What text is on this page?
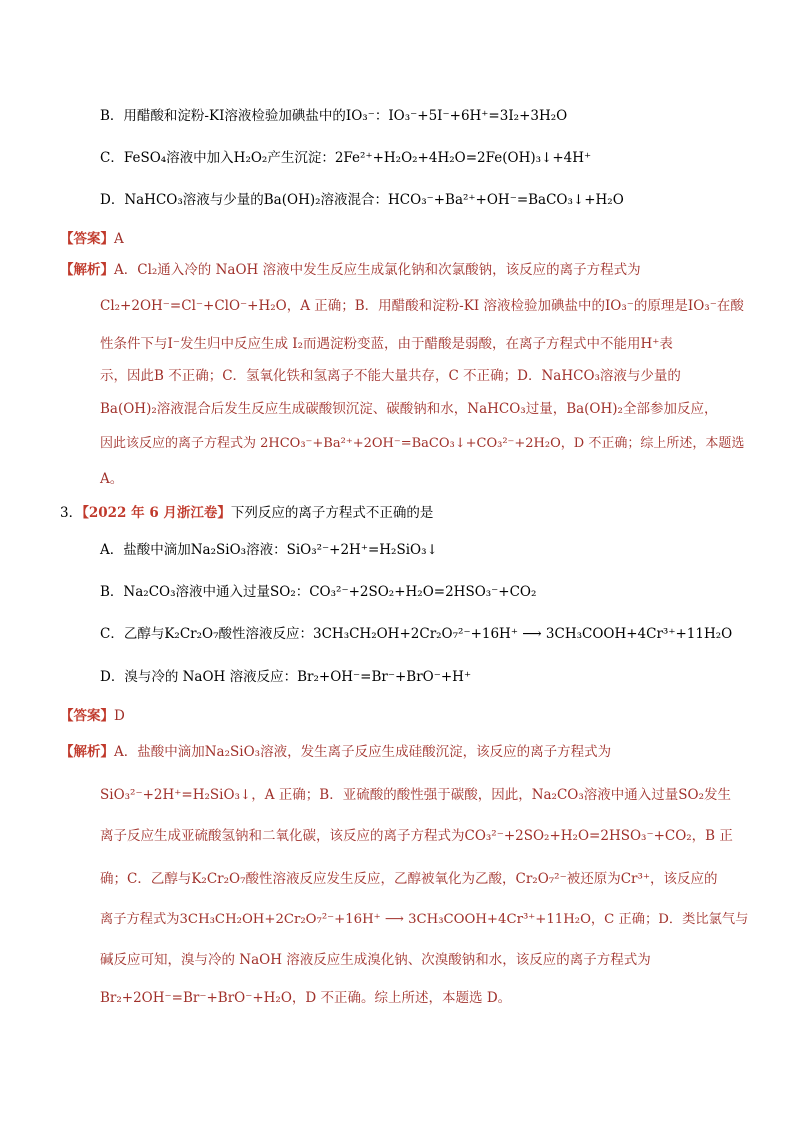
B．用醋酸和淀粉-KI溶液检验加碘盐中的IO₃⁻：IO₃⁻+5I⁻+6H⁺=3I₂+3H₂O
C．FeSO₄溶液中加入H₂O₂产生沉淀：2Fe²⁺+H₂O₂+4H₂O=2Fe(OH)₃↓+4H⁺
D．NaHCO₃溶液与少量的Ba(OH)₂溶液混合：HCO₃⁻+Ba²⁺+OH⁻=BaCO₃↓+H₂O
【答案】A
【解析】A．Cl₂通入冷的 NaOH 溶液中发生反应生成氯化钠和次氯酸钠，该反应的离子方程式为
Cl₂+2OH⁻=Cl⁻+ClO⁻+H₂O，A 正确；B．用醋酸和淀粉-KI 溶液检验加碘盐中的IO₃⁻的原理是IO₃⁻在酸
性条件下与I⁻发生归中反应生成 I₂而遇淀粉变蓝，由于醋酸是弱酸，在离子方程式中不能用H⁺表
示，因此B 不正确；C．氢氧化铁和氢离子不能大量共存，C 不正确；D．NaHCO₃溶液与少量的
Ba(OH)₂溶液混合后发生反应生成碳酸钡沉淀、碳酸钠和水，NaHCO₃过量，Ba(OH)₂全部参加反应，
因此该反应的离子方程式为 2HCO₃⁻+Ba²⁺+2OH⁻=BaCO₃↓+CO₃²⁻+2H₂O，D 不正确；综上所述，本题选
A。
3．【2022 年 6 月浙江卷】下列反应的离子方程式不正确的是
A．盐酸中滴加Na₂SiO₃溶液：SiO₃²⁻+2H⁺=H₂SiO₃↓
B．Na₂CO₃溶液中通入过量SO₂：CO₃²⁻+2SO₂+H₂O=2HSO₃⁻+CO₂
C．乙醇与K₂Cr₂O₇酸性溶液反应：3CH₃CH₂OH+2Cr₂O₇²⁻+16H⁺ ⟶ 3CH₃COOH+4Cr³⁺+11H₂O
D．溴与冷的 NaOH 溶液反应：Br₂+OH⁻=Br⁻+BrO⁻+H⁺
【答案】D
【解析】A．盐酸中滴加Na₂SiO₃溶液，发生离子反应生成硅酸沉淀，该反应的离子方程式为
SiO₃²⁻+2H⁺=H₂SiO₃↓，A 正确；B．亚硫酸的酸性强于碳酸，因此，Na₂CO₃溶液中通入过量SO₂发生
离子反应生成亚硫酸氢钠和二氧化碳，该反应的离子方程式为CO₃²⁻+2SO₂+H₂O=2HSO₃⁻+CO₂，B 正
确；C．乙醇与K₂Cr₂O₇酸性溶液反应发生反应，乙醇被氧化为乙酸，Cr₂O₇²⁻被还原为Cr³⁺，该反应的
离子方程式为3CH₃CH₂OH+2Cr₂O₇²⁻+16H⁺ ⟶ 3CH₃COOH+4Cr³⁺+11H₂O，C 正确；D．类比氯气与
碱反应可知，溴与冷的 NaOH 溶液反应生成溴化钠、次溴酸钠和水，该反应的离子方程式为
Br₂+2OH⁻=Br⁻+BrO⁻+H₂O，D 不正确。综上所述，本题选 D。
